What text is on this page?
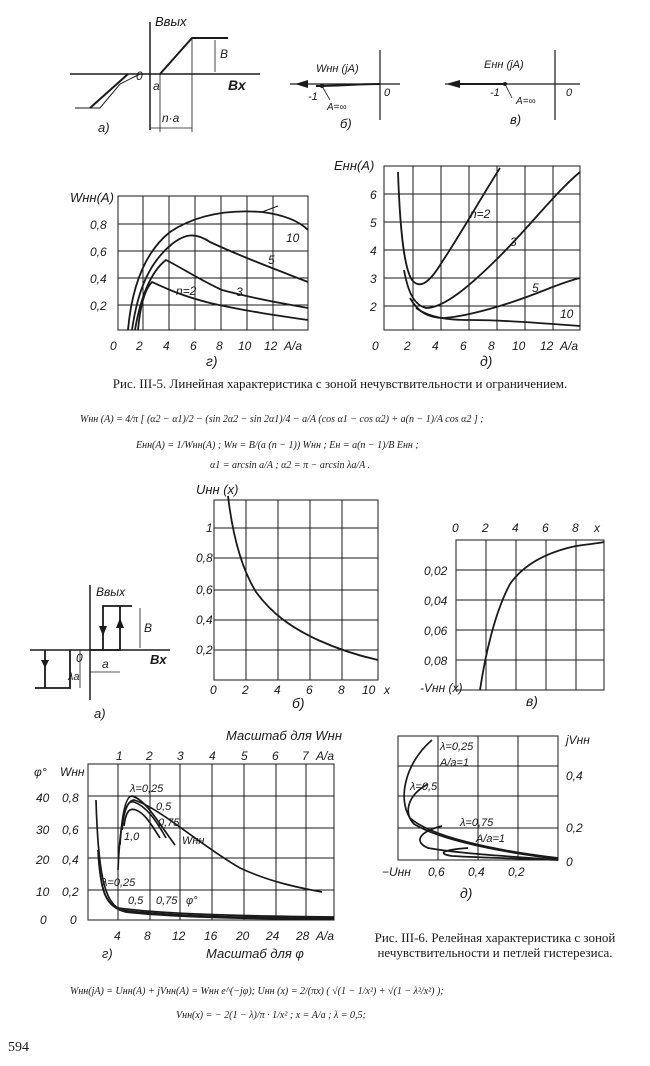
Bвых
Вх
0
a
B
n·a
а)
Wнн (jA)
-1
A=∞
0
б)
Eнн (jA)
-1
A=∞
0
в)
Wнн(A)
0,8
0,6
0,4
0,2
0 2 4 6 8 10 12 A/a
n=2	3
5
10
г)
Eнн(A)
6
5
4
3
2
0 2 4 6 8 10 12 A/a
n=2
3
5
10
д)
Bвых
Вх
0 a
B
λa
а)
Uнн (x)
1
0,8
0,6
0,4
0,2
0 2 4 6 8 10 x
б)
0 2 4 6 8 x
0,02
0,04
0,06
0,08
-Vнн (x)
в)
Масштаб для Wнн
1 2 3 4 5 6 7 A/a
φ° Wнн
40
30
20
10
0
0,8
0,6
0,4
0,2
0
4 8 12 16 20 24 28 A/a
Масштаб для φ
λ=0,25
0,5
0,75
1,0	Wнн
λ=0,25
0,5 0,75 φ°
г)
λ=0,25
A/a=1
λ=0,5
λ=0,75
A/a=1
jVнн
0,4
0,2
0
−Uнн 0,6 0,4 0,2
д)
Рис. III-5. Линейная характеристика с зоной нечувствительности и ограничением.
Wнн (A) = 4/π [ (α2 − α1)/2 − (sin 2α2 − sin 2α1)/4 − a/A (cos α1 − cos α2) + a(n − 1)/A cos α2 ] ;
Eнн(A) = 1/Wнн(A) ; Wн = B/(a (n − 1)) Wнн ; Eн = a(n − 1)/B Eнн ;
α1 = arcsin a/A ; α2 = π − arcsin λa/A .
Рис. III-6. Релейная характеристика с зоной нечувствительности и петлей гистерезиса.
Wнн(jA) = Uнн(A) + jVнн(A) = Wнн e^(−jφ); Uнн (x) = 2/(πx) ( √(1 − 1/x²) + √(1 − λ²/x²) );
Vнн(x) = − 2(1 − λ)/π · 1/x² ; x = A/a ; λ = 0,5;
594
